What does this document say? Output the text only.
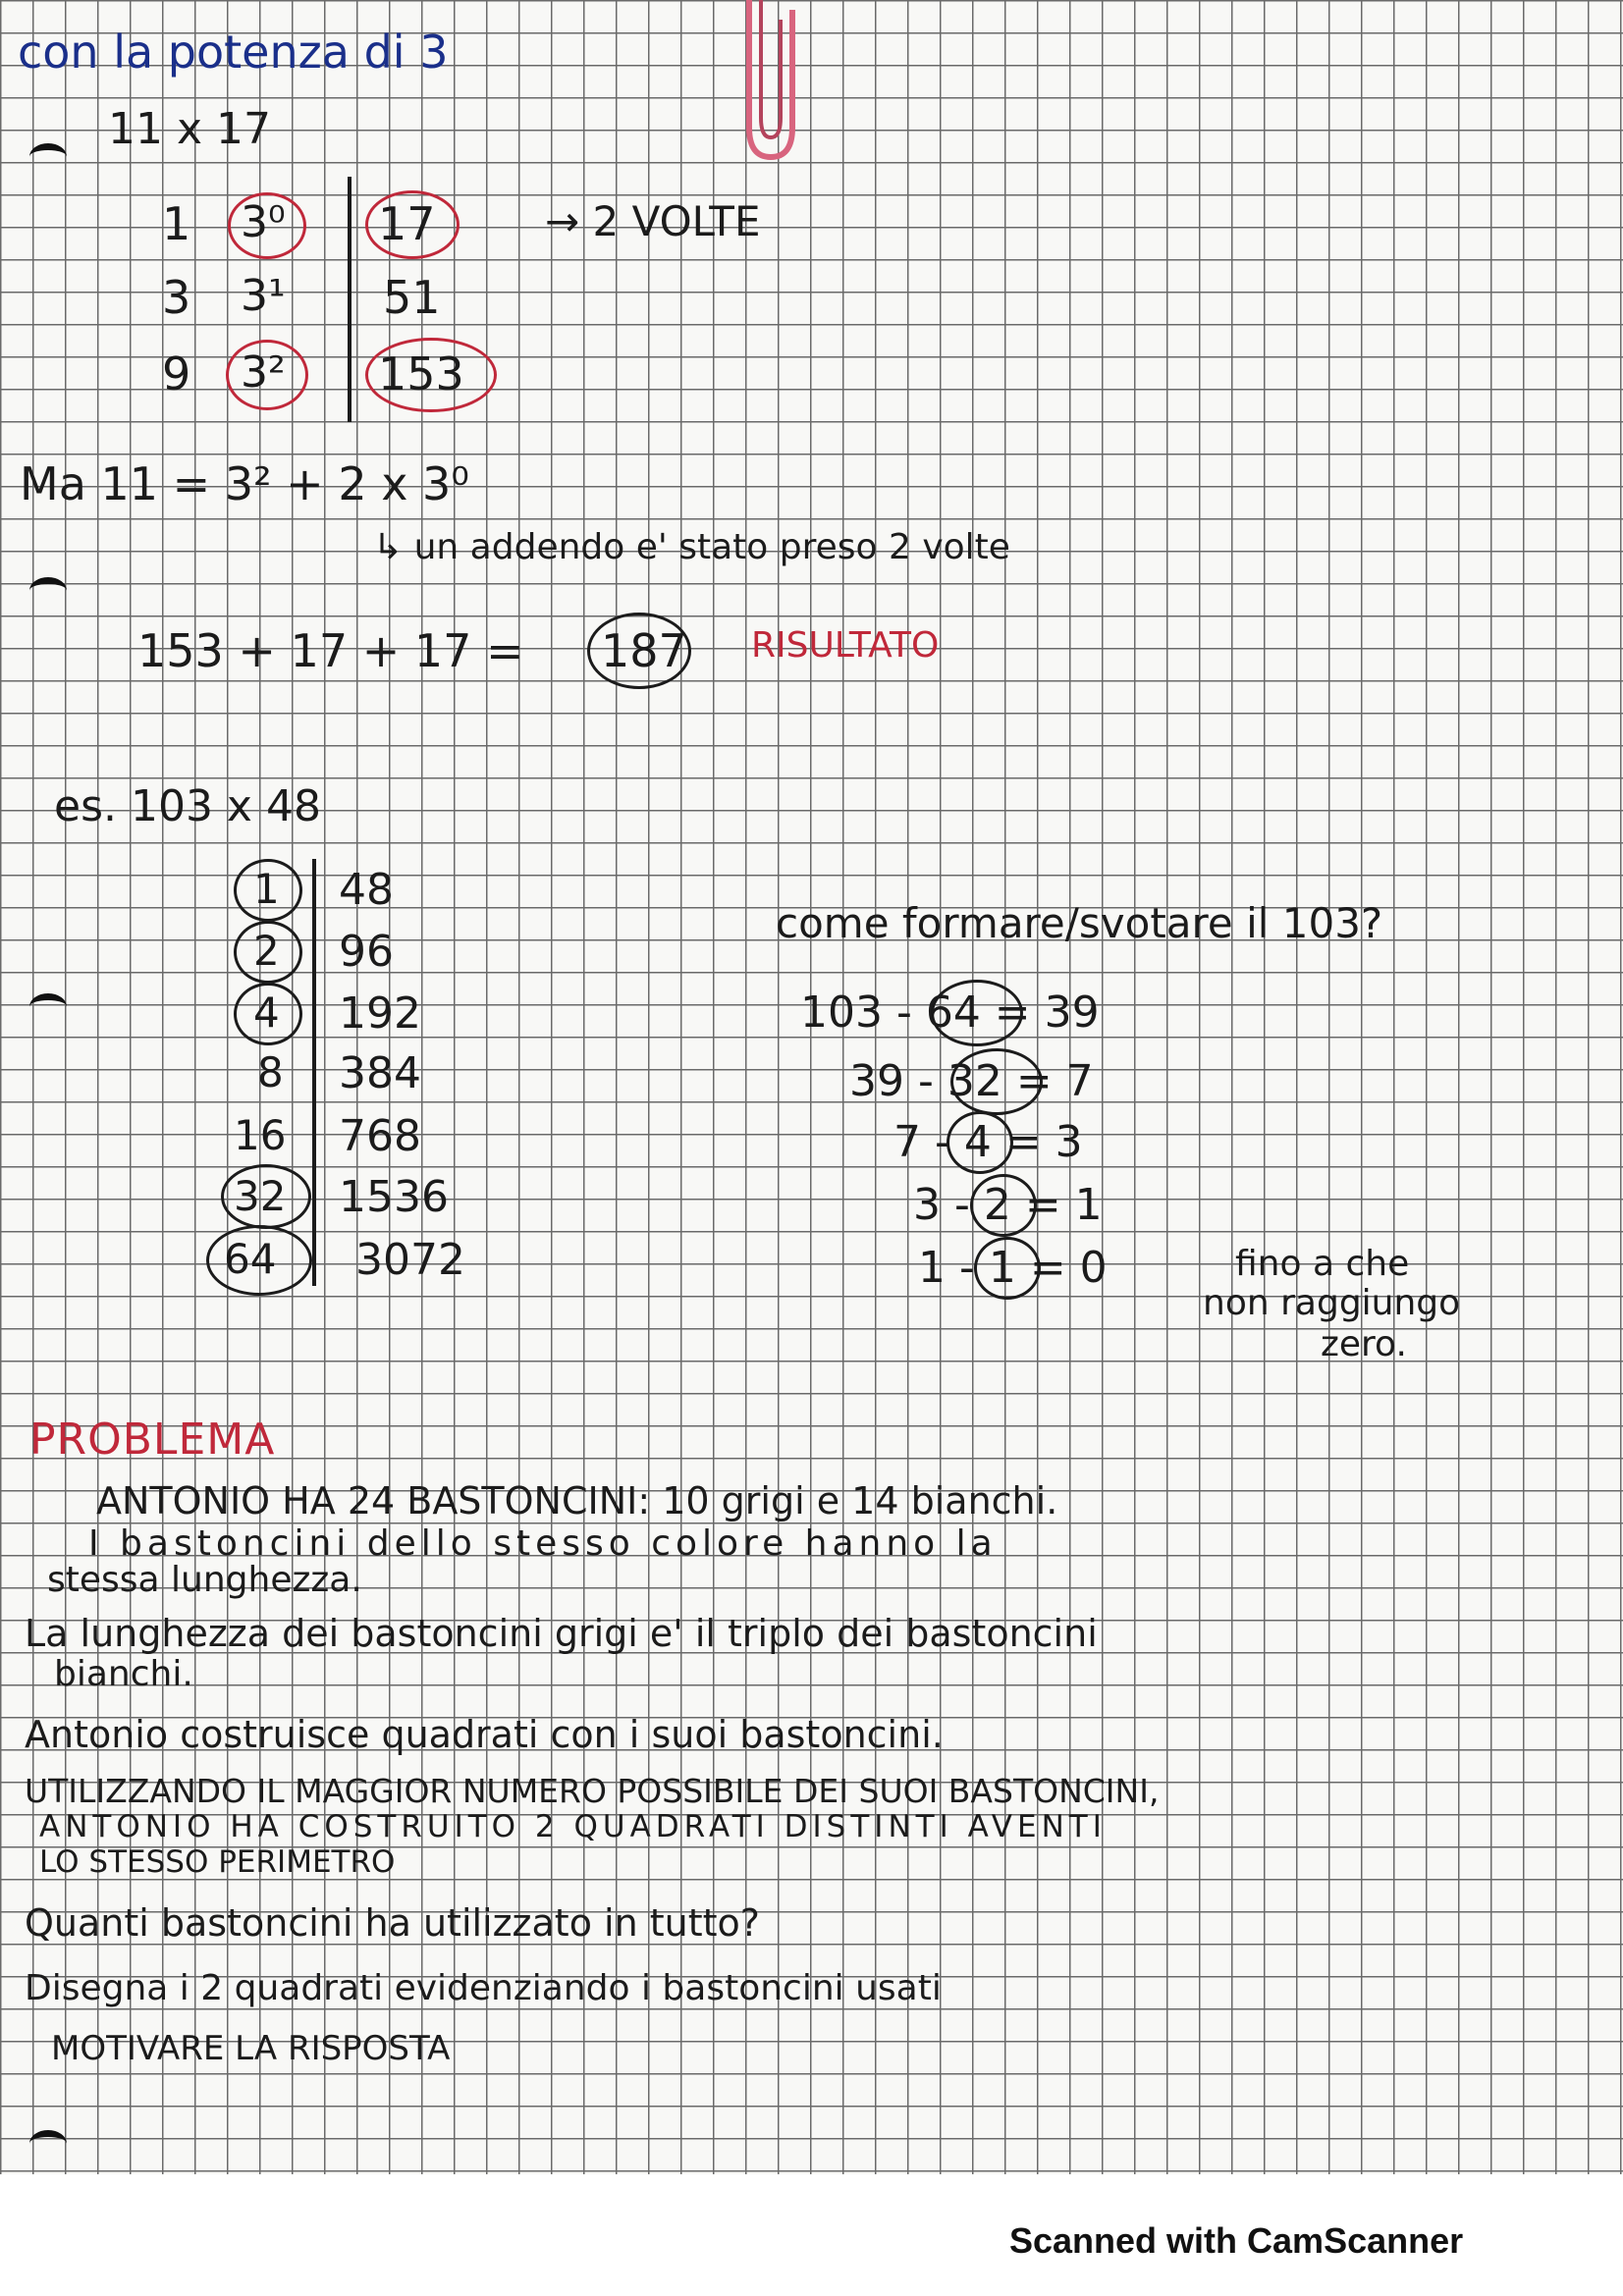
con la potenza di 3
11 x 17
1 3⁰ 17	→ 2 VOLTE
3 3¹ 51
9 3² 153
Ma 11 = 3² + 2 x 3⁰
↳ un addendo e' stato preso 2 volte
153 + 17 + 17 = 187 RISULTATO
es. 103 x 48
1
2
4
8
16
32
64
48
96
192
384
768
1536
3072
come formare/svotare il 103?
103 - 64 = 39
39 - 32 = 7
7 - 4 = 3
3 - 2 = 1
1 - 1 = 0	fino a che
non raggiungo
zero.
PROBLEMA
ANTONIO HA 24 BASTONCINI: 10 grigi e 14 bianchi.
I bastoncini dello stesso colore hanno la
stessa lunghezza.
La lunghezza dei bastoncini grigi e' il triplo dei bastoncini
bianchi.
Antonio costruisce quadrati con i suoi bastoncini.
UTILIZZANDO IL MAGGIOR NUMERO POSSIBILE DEI SUOI BASTONCINI,
ANTONIO HA COSTRUITO 2 QUADRATI DISTINTI AVENTI
LO STESSO PERIMETRO
Quanti bastoncini ha utilizzato in tutto?
Disegna i 2 quadrati evidenziando i bastoncini usati
MOTIVARE LA RISPOSTA
Scanned with CamScanner
